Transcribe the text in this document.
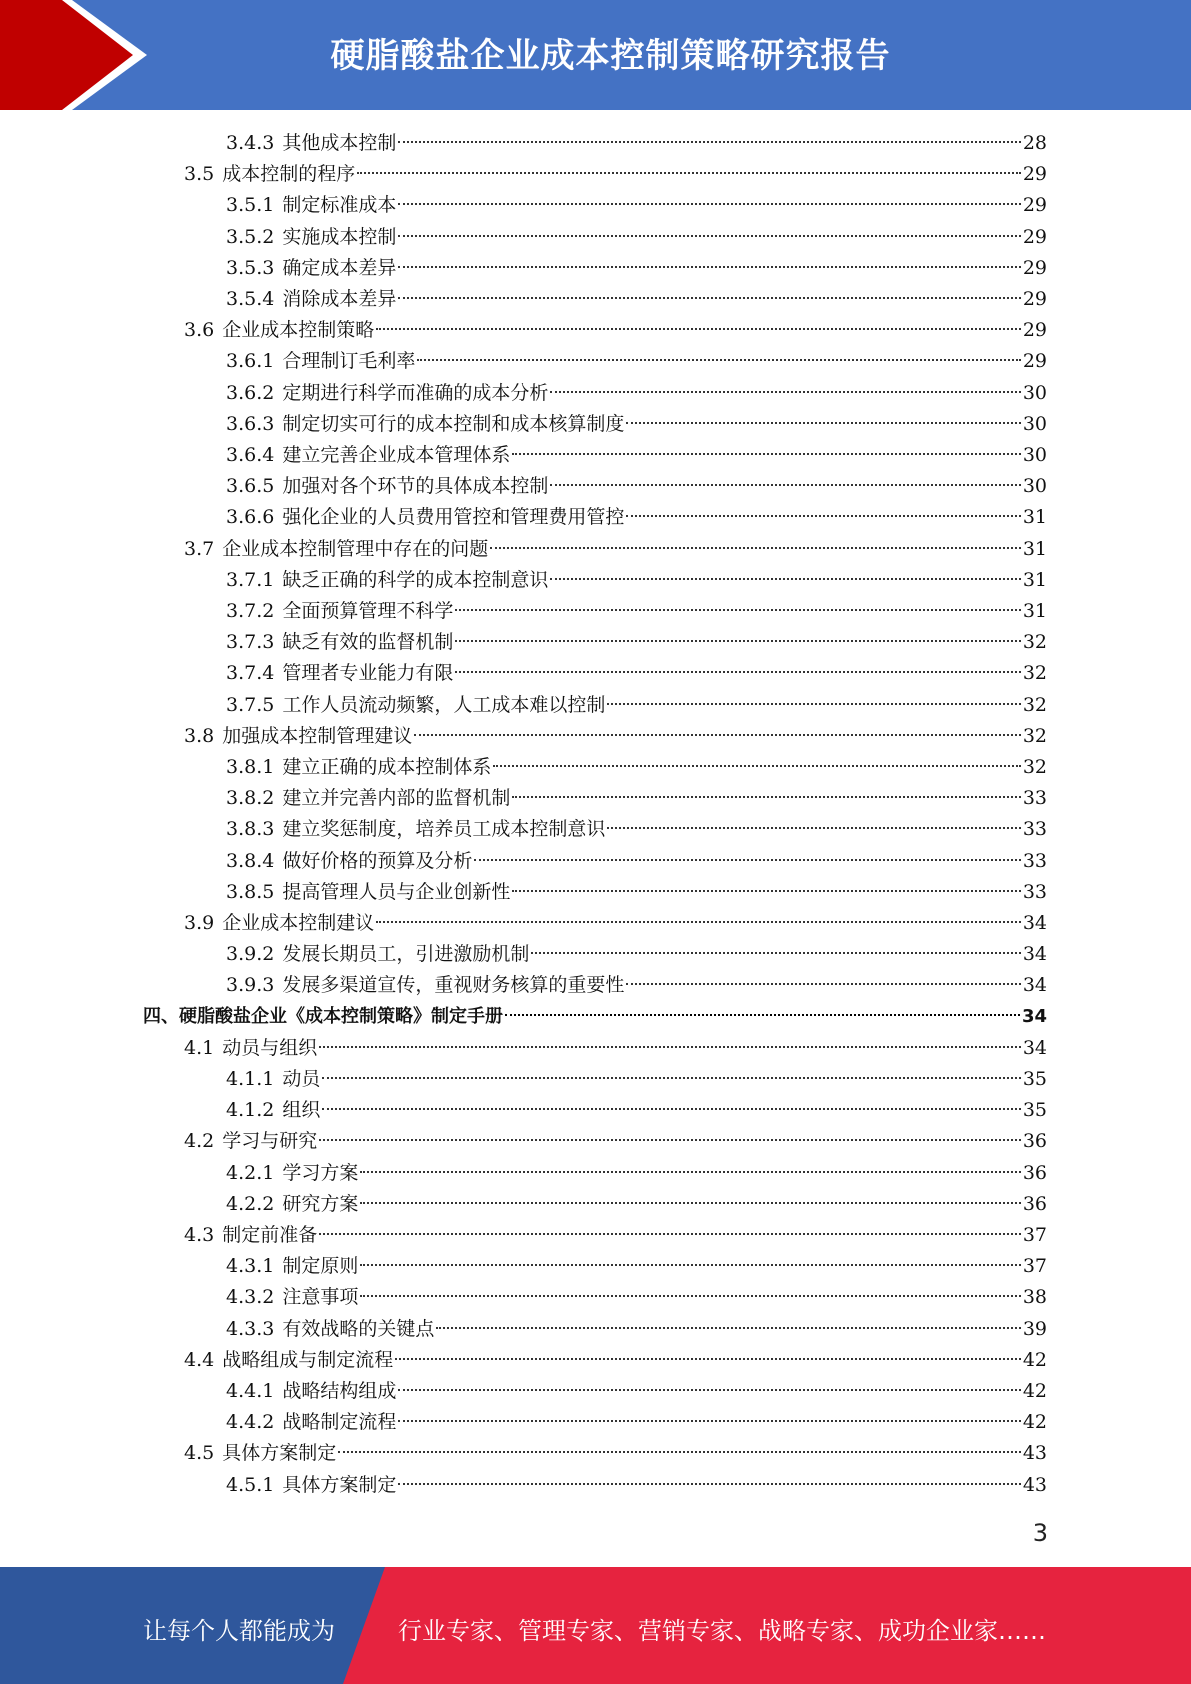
硬脂酸盐企业成本控制策略研究报告
3.4.3 其他成本控制	28
3.5 成本控制的程序	29
3.5.1 制定标准成本	29
3.5.2 实施成本控制	29
3.5.3 确定成本差异	29
3.5.4 消除成本差异	29
3.6 企业成本控制策略	29
3.6.1 合理制订毛利率	29
3.6.2 定期进行科学而准确的成本分析	30
3.6.3 制定切实可行的成本控制和成本核算制度	30
3.6.4 建立完善企业成本管理体系	30
3.6.5 加强对各个环节的具体成本控制	30
3.6.6 强化企业的人员费用管控和管理费用管控	31
3.7 企业成本控制管理中存在的问题	31
3.7.1 缺乏正确的科学的成本控制意识	31
3.7.2 全面预算管理不科学	31
3.7.3 缺乏有效的监督机制	32
3.7.4 管理者专业能力有限	32
3.7.5 工作人员流动频繁，人工成本难以控制	32
3.8 加强成本控制管理建议	32
3.8.1 建立正确的成本控制体系	32
3.8.2 建立并完善内部的监督机制	33
3.8.3 建立奖惩制度，培养员工成本控制意识	33
3.8.4 做好价格的预算及分析	33
3.8.5 提高管理人员与企业创新性	33
3.9 企业成本控制建议	34
3.9.2 发展长期员工，引进激励机制	34
3.9.3 发展多渠道宣传，重视财务核算的重要性	34
四、 硬脂酸盐企业《成本控制策略》制定手册	34
4.1 动员与组织	34
4.1.1 动员	35
4.1.2 组织	35
4.2 学习与研究	36
4.2.1 学习方案	36
4.2.2 研究方案	36
4.3 制定前准备	37
4.3.1 制定原则	37
4.3.2 注意事项	38
4.3.3 有效战略的关键点	39
4.4 战略组成与制定流程	42
4.4.1 战略结构组成	42
4.4.2 战略制定流程	42
4.5 具体方案制定	43
4.5.1 具体方案制定	43
3
让每个人都能成为	行业专家、管理专家、营销专家、战略专家、成功企业家……
